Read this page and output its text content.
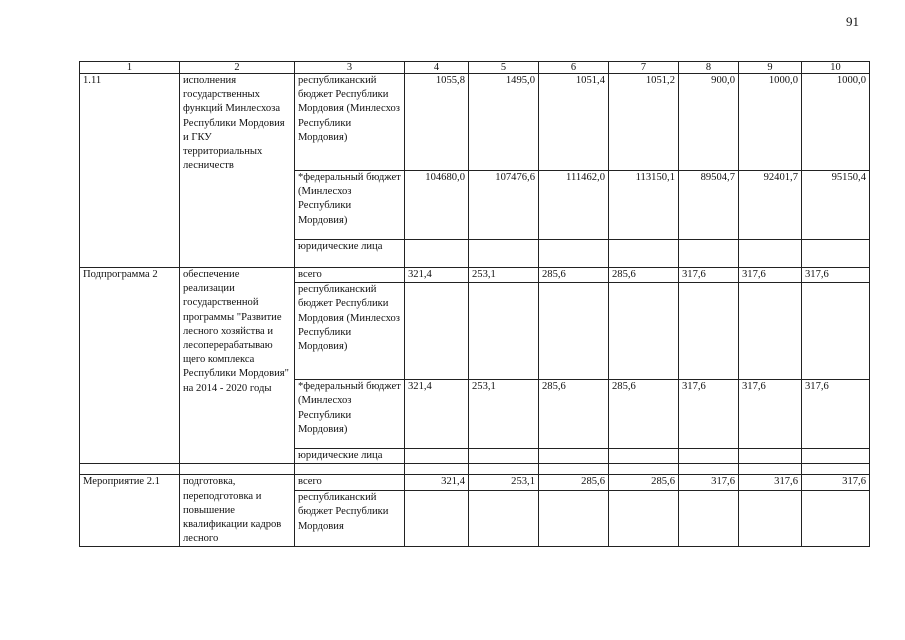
91
1	2	3	4	5	6	7	8	9	10
1.11	исполнения государственных функций Минлесхоза Республики Мордовия и ГКУ территориальных лесничеств	республиканский бюджет Республики Мордовия (Минлесхоз Республики Мордовия)	1055,8	1495,0	1051,4	1051,2	900,0	1000,0	1000,0
		*федеральный бюджет (Минлесхоз Республики Мордовия)	104680,0	107476,6	111462,0	113150,1	89504,7	92401,7	95150,4
		юридические лица							
Подпрограмма 2	обеспечение реализации государственной программы "Развитие лесного хозяйства и лесоперерабатываю щего комплекса Республики Мордовия" на 2014 - 2020 годы	всего	321,4	253,1	285,6	285,6	317,6	317,6	317,6
		республиканский бюджет Республики Мордовия (Минлесхоз Республики Мордовия)							
		*федеральный бюджет (Минлесхоз Республики Мордовия)	321,4	253,1	285,6	285,6	317,6	317,6	317,6
		юридические лица							

Мероприятие 2.1	подготовка, переподготовка и повышение квалификации кадров лесного	всего	321,4	253,1	285,6	285,6	317,6	317,6	317,6
		республиканский бюджет Республики Мордовия							
